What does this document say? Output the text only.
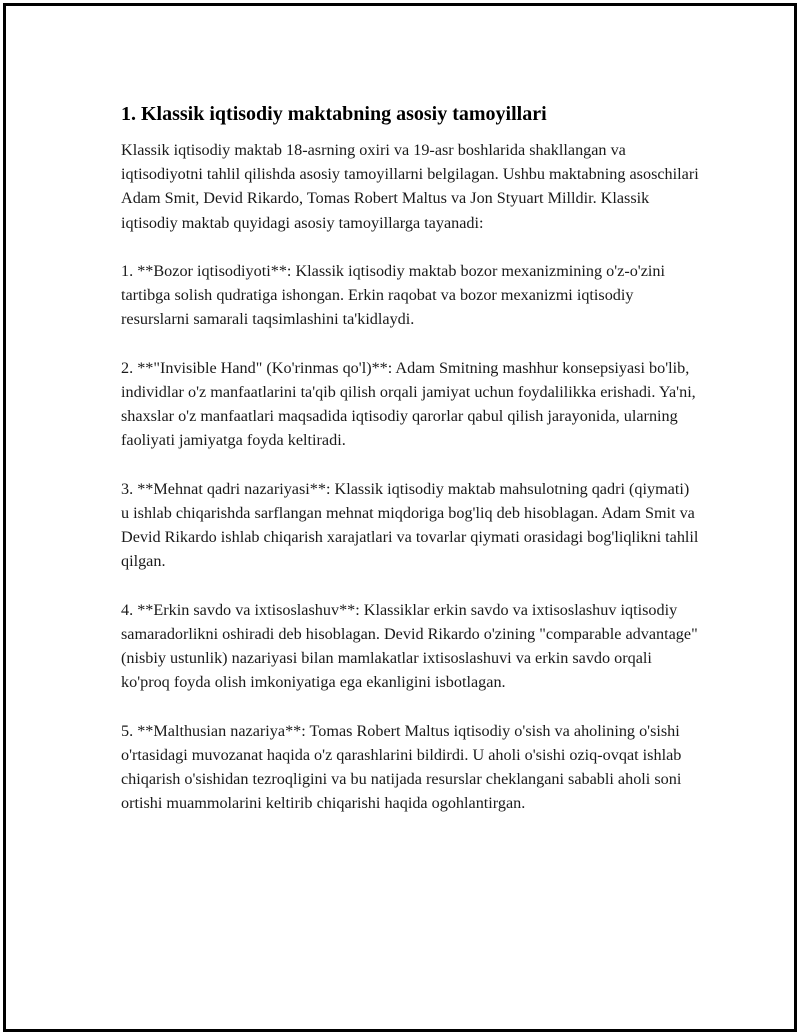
1. Klassik iqtisodiy maktabning asosiy tamoyillari

Klassik iqtisodiy maktab 18-asrning oxiri va 19-asr boshlarida shakllangan va iqtisodiyotni tahlil qilishda asosiy tamoyillarni belgilagan. Ushbu maktabning asoschilari Adam Smit, Devid Rikardo, Tomas Robert Maltus va Jon Styuart Milldir. Klassik iqtisodiy maktab quyidagi asosiy tamoyillarga tayanadi:

1. **Bozor iqtisodiyoti**: Klassik iqtisodiy maktab bozor mexanizmining o'z-o'zini tartibga solish qudratiga ishongan. Erkin raqobat va bozor mexanizmi iqtisodiy resurslarni samarali taqsimlashini ta'kidlaydi.

2. **"Invisible Hand" (Ko'rinmas qo'l)**: Adam Smitning mashhur konsepsiyasi bo'lib, individlar o'z manfaatlarini ta'qib qilish orqali jamiyat uchun foydalilikka erishadi. Ya'ni, shaxslar o'z manfaatlari maqsadida iqtisodiy qarorlar qabul qilish jarayonida, ularning faoliyati jamiyatga foyda keltiradi.

3. **Mehnat qadri nazariyasi**: Klassik iqtisodiy maktab mahsulotning qadri (qiymati) u ishlab chiqarishda sarflangan mehnat miqdoriga bog'liq deb hisoblagan. Adam Smit va Devid Rikardo ishlab chiqarish xarajatlari va tovarlar qiymati orasidagi bog'liqlikni tahlil qilgan.

4. **Erkin savdo va ixtisoslashuv**: Klassiklar erkin savdo va ixtisoslashuv iqtisodiy samaradorlikni oshiradi deb hisoblagan. Devid Rikardo o'zining "comparable advantage" (nisbiy ustunlik) nazariyasi bilan mamlakatlar ixtisoslashuvi va erkin savdo orqali ko'proq foyda olish imkoniyatiga ega ekanligini isbotlagan.

5. **Malthusian nazariya**: Tomas Robert Maltus iqtisodiy o'sish va aholining o'sishi o'rtasidagi muvozanat haqida o'z qarashlarini bildirdi. U aholi o'sishi oziq-ovqat ishlab chiqarish o'sishidan tezroqligini va bu natijada resurslar cheklangani sababli aholi soni ortishi muammolarini keltirib chiqarishi haqida ogohlantirgan.
